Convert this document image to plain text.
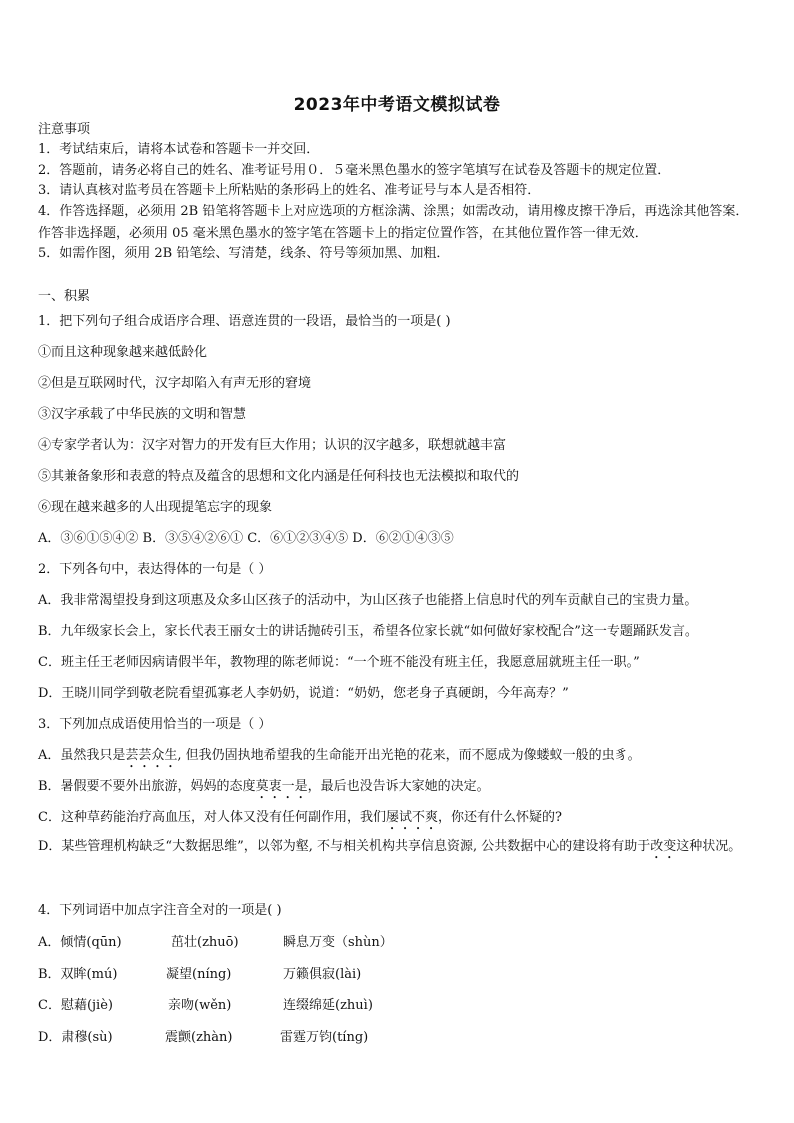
2023年中考语文模拟试卷
注意事项
1．考试结束后，请将本试卷和答题卡一并交回．
2．答题前，请务必将自己的姓名、准考证号用０．５毫米黑色墨水的签字笔填写在试卷及答题卡的规定位置．
3．请认真核对监考员在答题卡上所粘贴的条形码上的姓名、准考证号与本人是否相符．
4．作答选择题，必须用 2B 铅笔将答题卡上对应选项的方框涂满、涂黑；如需改动，请用橡皮擦干净后，再选涂其他答案．作答非选择题，必须用 05 毫米黑色墨水的签字笔在答题卡上的指定位置作答，在其他位置作答一律无效．
5．如需作图，须用 2B 铅笔绘、写清楚，线条、符号等须加黑、加粗．
一、积累
1．把下列句子组合成语序合理、语意连贯的一段语，最恰当的一项是( )
①而且这种现象越来越低龄化
②但是互联网时代，汉字却陷入有声无形的窘境
③汉字承载了中华民族的文明和智慧
④专家学者认为：汉字对智力的开发有巨大作用；认识的汉字越多，联想就越丰富
⑤其兼备象形和表意的特点及蕴含的思想和文化内涵是任何科技也无法模拟和取代的
⑥现在越来越多的人出现提笔忘字的现象
A．③⑥①⑤④② B．③⑤④②⑥① C．⑥①②③④⑤ D．⑥②①④③⑤
2．下列各句中，表达得体的一句是（ ）
A．我非常渴望投身到这项惠及众多山区孩子的活动中，为山区孩子也能搭上信息时代的列车贡献自己的宝贵力量。
B．九年级家长会上，家长代表王丽女士的讲话抛砖引玉，希望各位家长就“如何做好家校配合”这一专题踊跃发言。
C．班主任王老师因病请假半年，教物理的陈老师说：“一个班不能没有班主任，我愿意屈就班主任一职。”
D．王晓川同学到敬老院看望孤寡老人李奶奶，说道：“奶奶，您老身子真硬朗，今年高寿？”
3．下列加点成语使用恰当的一项是（ ）
A．虽然我只是芸芸众生, 但我仍固执地希望我的生命能开出光艳的花来，而不愿成为像蝼蚁一般的虫豸。
B．暑假要不要外出旅游，妈妈的态度莫衷一是，最后也没告诉大家她的决定。
C．这种草药能治疗高血压，对人体又没有任何副作用，我们屡试不爽，你还有什么怀疑的?
D．某些管理机构缺乏“大数据思维”，以邻为壑, 不与相关机构共享信息资源, 公共数据中心的建设将有助于改变这种状况。
4．下列词语中加点字注音全对的一项是( )
A．倾情(qūn)	茁壮(zhuō)	瞬息万变（shùn）
B．双眸(mú)	凝望(níng)	万籁俱寂(lài)
C．慰藉(jiè)	亲吻(wěn)	连缀绵延(zhuì)
D．肃穆(sù)	震颤(zhàn)	雷霆万钧(tíng)
